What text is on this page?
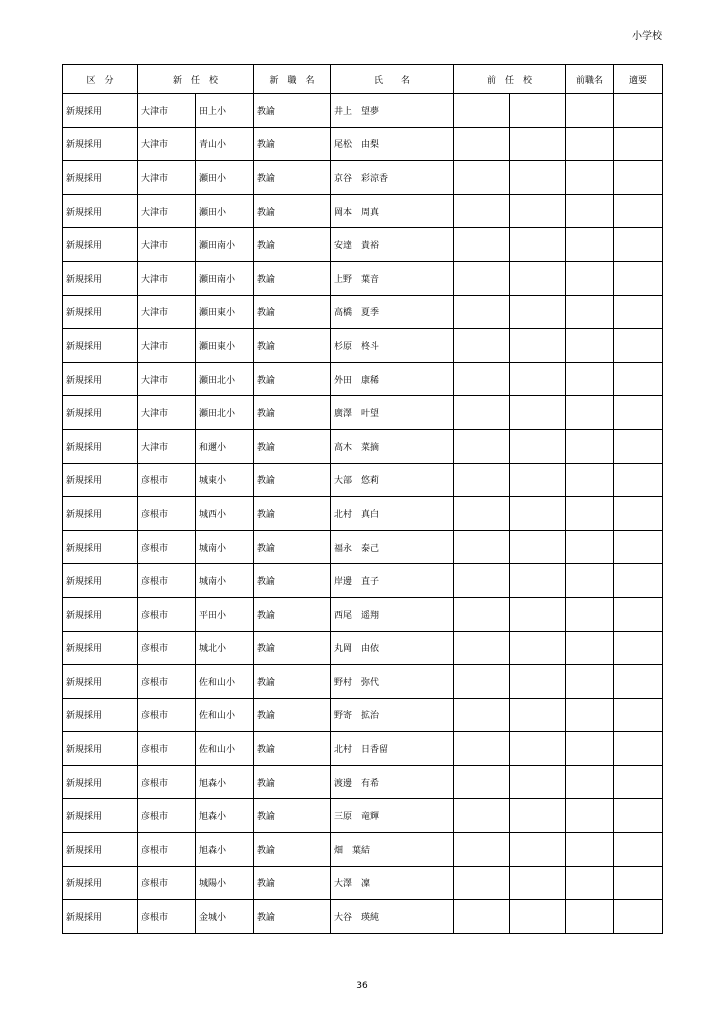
小学校
区　分	新　任　校		新　職　名	氏　　名	前　任　校		前職名	適要
新規採用	大津市	田上小	教諭	井上　望夢				
新規採用	大津市	青山小	教諭	尾松　由梨				
新規採用	大津市	瀬田小	教諭	京谷　彩涼香				
新規採用	大津市	瀬田小	教諭	岡本　周真				
新規採用	大津市	瀬田南小	教諭	安達　貴裕				
新規採用	大津市	瀬田南小	教諭	上野　葉音				
新規採用	大津市	瀬田東小	教諭	高橋　夏季				
新規採用	大津市	瀬田東小	教諭	杉原　柊斗				
新規採用	大津市	瀬田北小	教諭	外田　康稀				
新規採用	大津市	瀬田北小	教諭	廣澤　叶望				
新規採用	大津市	和邇小	教諭	高木　菜摘				
新規採用	彦根市	城東小	教諭	大部　悠莉				
新規採用	彦根市	城西小	教諭	北村　真白				
新規採用	彦根市	城南小	教諭	福永　泰己				
新規採用	彦根市	城南小	教諭	岸邊　直子				
新規採用	彦根市	平田小	教諭	西尾　遥翔				
新規採用	彦根市	城北小	教諭	丸岡　由依				
新規採用	彦根市	佐和山小	教諭	野村　弥代				
新規採用	彦根市	佐和山小	教諭	野寄　拡治				
新規採用	彦根市	佐和山小	教諭	北村　日香留				
新規採用	彦根市	旭森小	教諭	渡邊　有希				
新規採用	彦根市	旭森小	教諭	三原　竜輝				
新規採用	彦根市	旭森小	教諭	畑　葉結				
新規採用	彦根市	城陽小	教諭	大澤　凜				
新規採用	彦根市	金城小	教諭	大谷　瑛純				
36
